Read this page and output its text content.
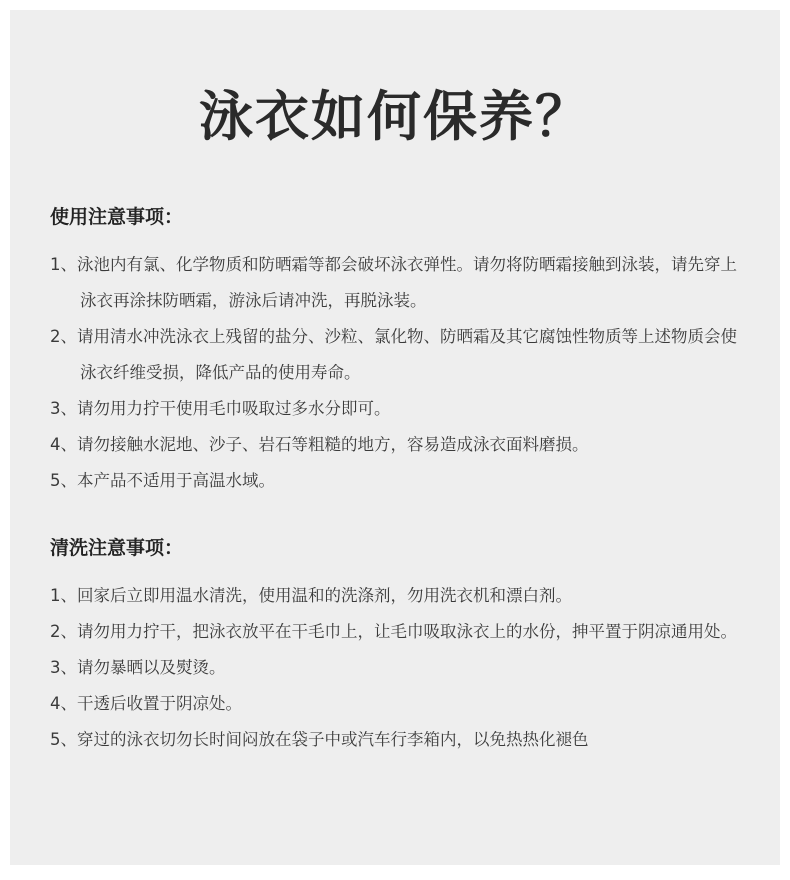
泳衣如何保养？
使用注意事项：
1、泳池内有氯、化学物质和防晒霜等都会破坏泳衣弹性。请勿将防晒霜接触到泳装，请先穿上泳衣再涂抹防晒霜，游泳后请冲洗，再脱泳装。
2、请用清水冲洗泳衣上残留的盐分、沙粒、氯化物、防晒霜及其它腐蚀性物质等上述物质会使泳衣纤维受损，降低产品的使用寿命。
3、请勿用力拧干使用毛巾吸取过多水分即可。
4、请勿接触水泥地、沙子、岩石等粗糙的地方，容易造成泳衣面料磨损。
5、本产品不适用于高温水域。
清洗注意事项：
1、回家后立即用温水清洗，使用温和的洗涤剂，勿用洗衣机和漂白剂。
2、请勿用力拧干，把泳衣放平在干毛巾上，让毛巾吸取泳衣上的水份，抻平置于阴凉通用处。
3、请勿暴晒以及熨烫。
4、干透后收置于阴凉处。
5、穿过的泳衣切勿长时间闷放在袋子中或汽车行李箱内，以免热热化褪色
